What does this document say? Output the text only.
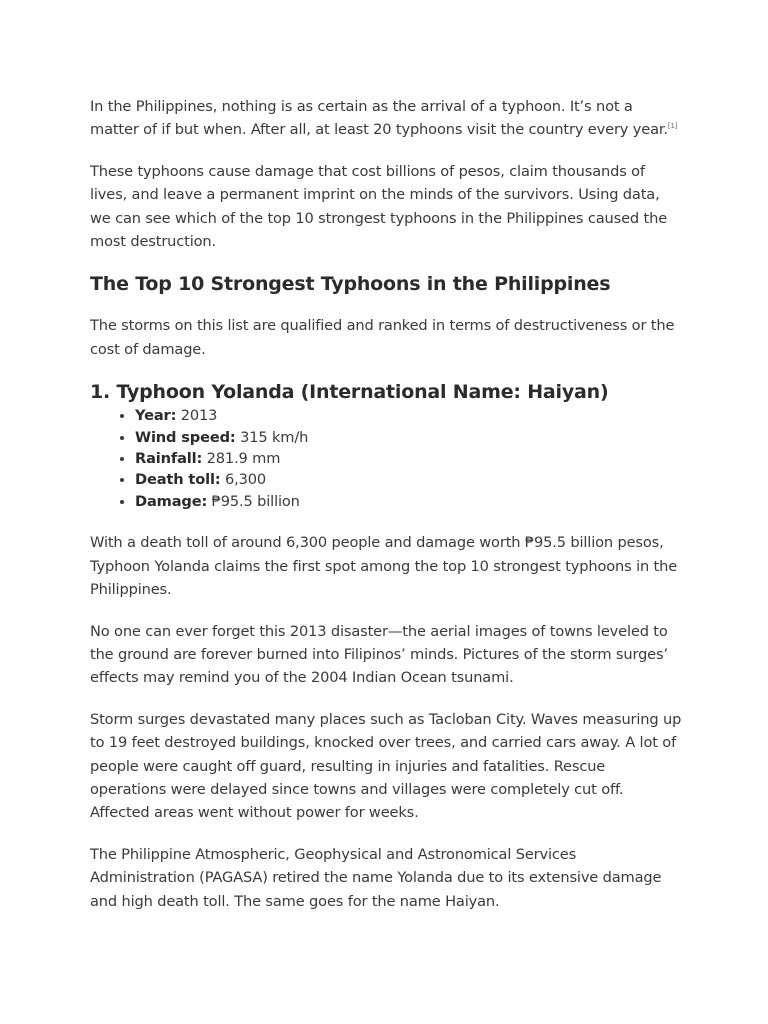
In the Philippines, nothing is as certain as the arrival of a typhoon. It’s not a matter of if but when. After all, at least 20 typhoons visit the country every year.[1]

These typhoons cause damage that cost billions of pesos, claim thousands of lives, and leave a permanent imprint on the minds of the survivors. Using data, we can see which of the top 10 strongest typhoons in the Philippines caused the most destruction.

The Top 10 Strongest Typhoons in the Philippines

The storms on this list are qualified and ranked in terms of destructiveness or the cost of damage.

1. Typhoon Yolanda (International Name: Haiyan)
• Year: 2013
• Wind speed: 315 km/h
• Rainfall: 281.9 mm
• Death toll: 6,300
• Damage: ₱95.5 billion

With a death toll of around 6,300 people and damage worth ₱95.5 billion pesos, Typhoon Yolanda claims the first spot among the top 10 strongest typhoons in the Philippines.

No one can ever forget this 2013 disaster—the aerial images of towns leveled to the ground are forever burned into Filipinos’ minds. Pictures of the storm surges’ effects may remind you of the 2004 Indian Ocean tsunami.

Storm surges devastated many places such as Tacloban City. Waves measuring up to 19 feet destroyed buildings, knocked over trees, and carried cars away. A lot of people were caught off guard, resulting in injuries and fatalities. Rescue operations were delayed since towns and villages were completely cut off. Affected areas went without power for weeks.

The Philippine Atmospheric, Geophysical and Astronomical Services Administration (PAGASA) retired the name Yolanda due to its extensive damage and high death toll. The same goes for the name Haiyan.
